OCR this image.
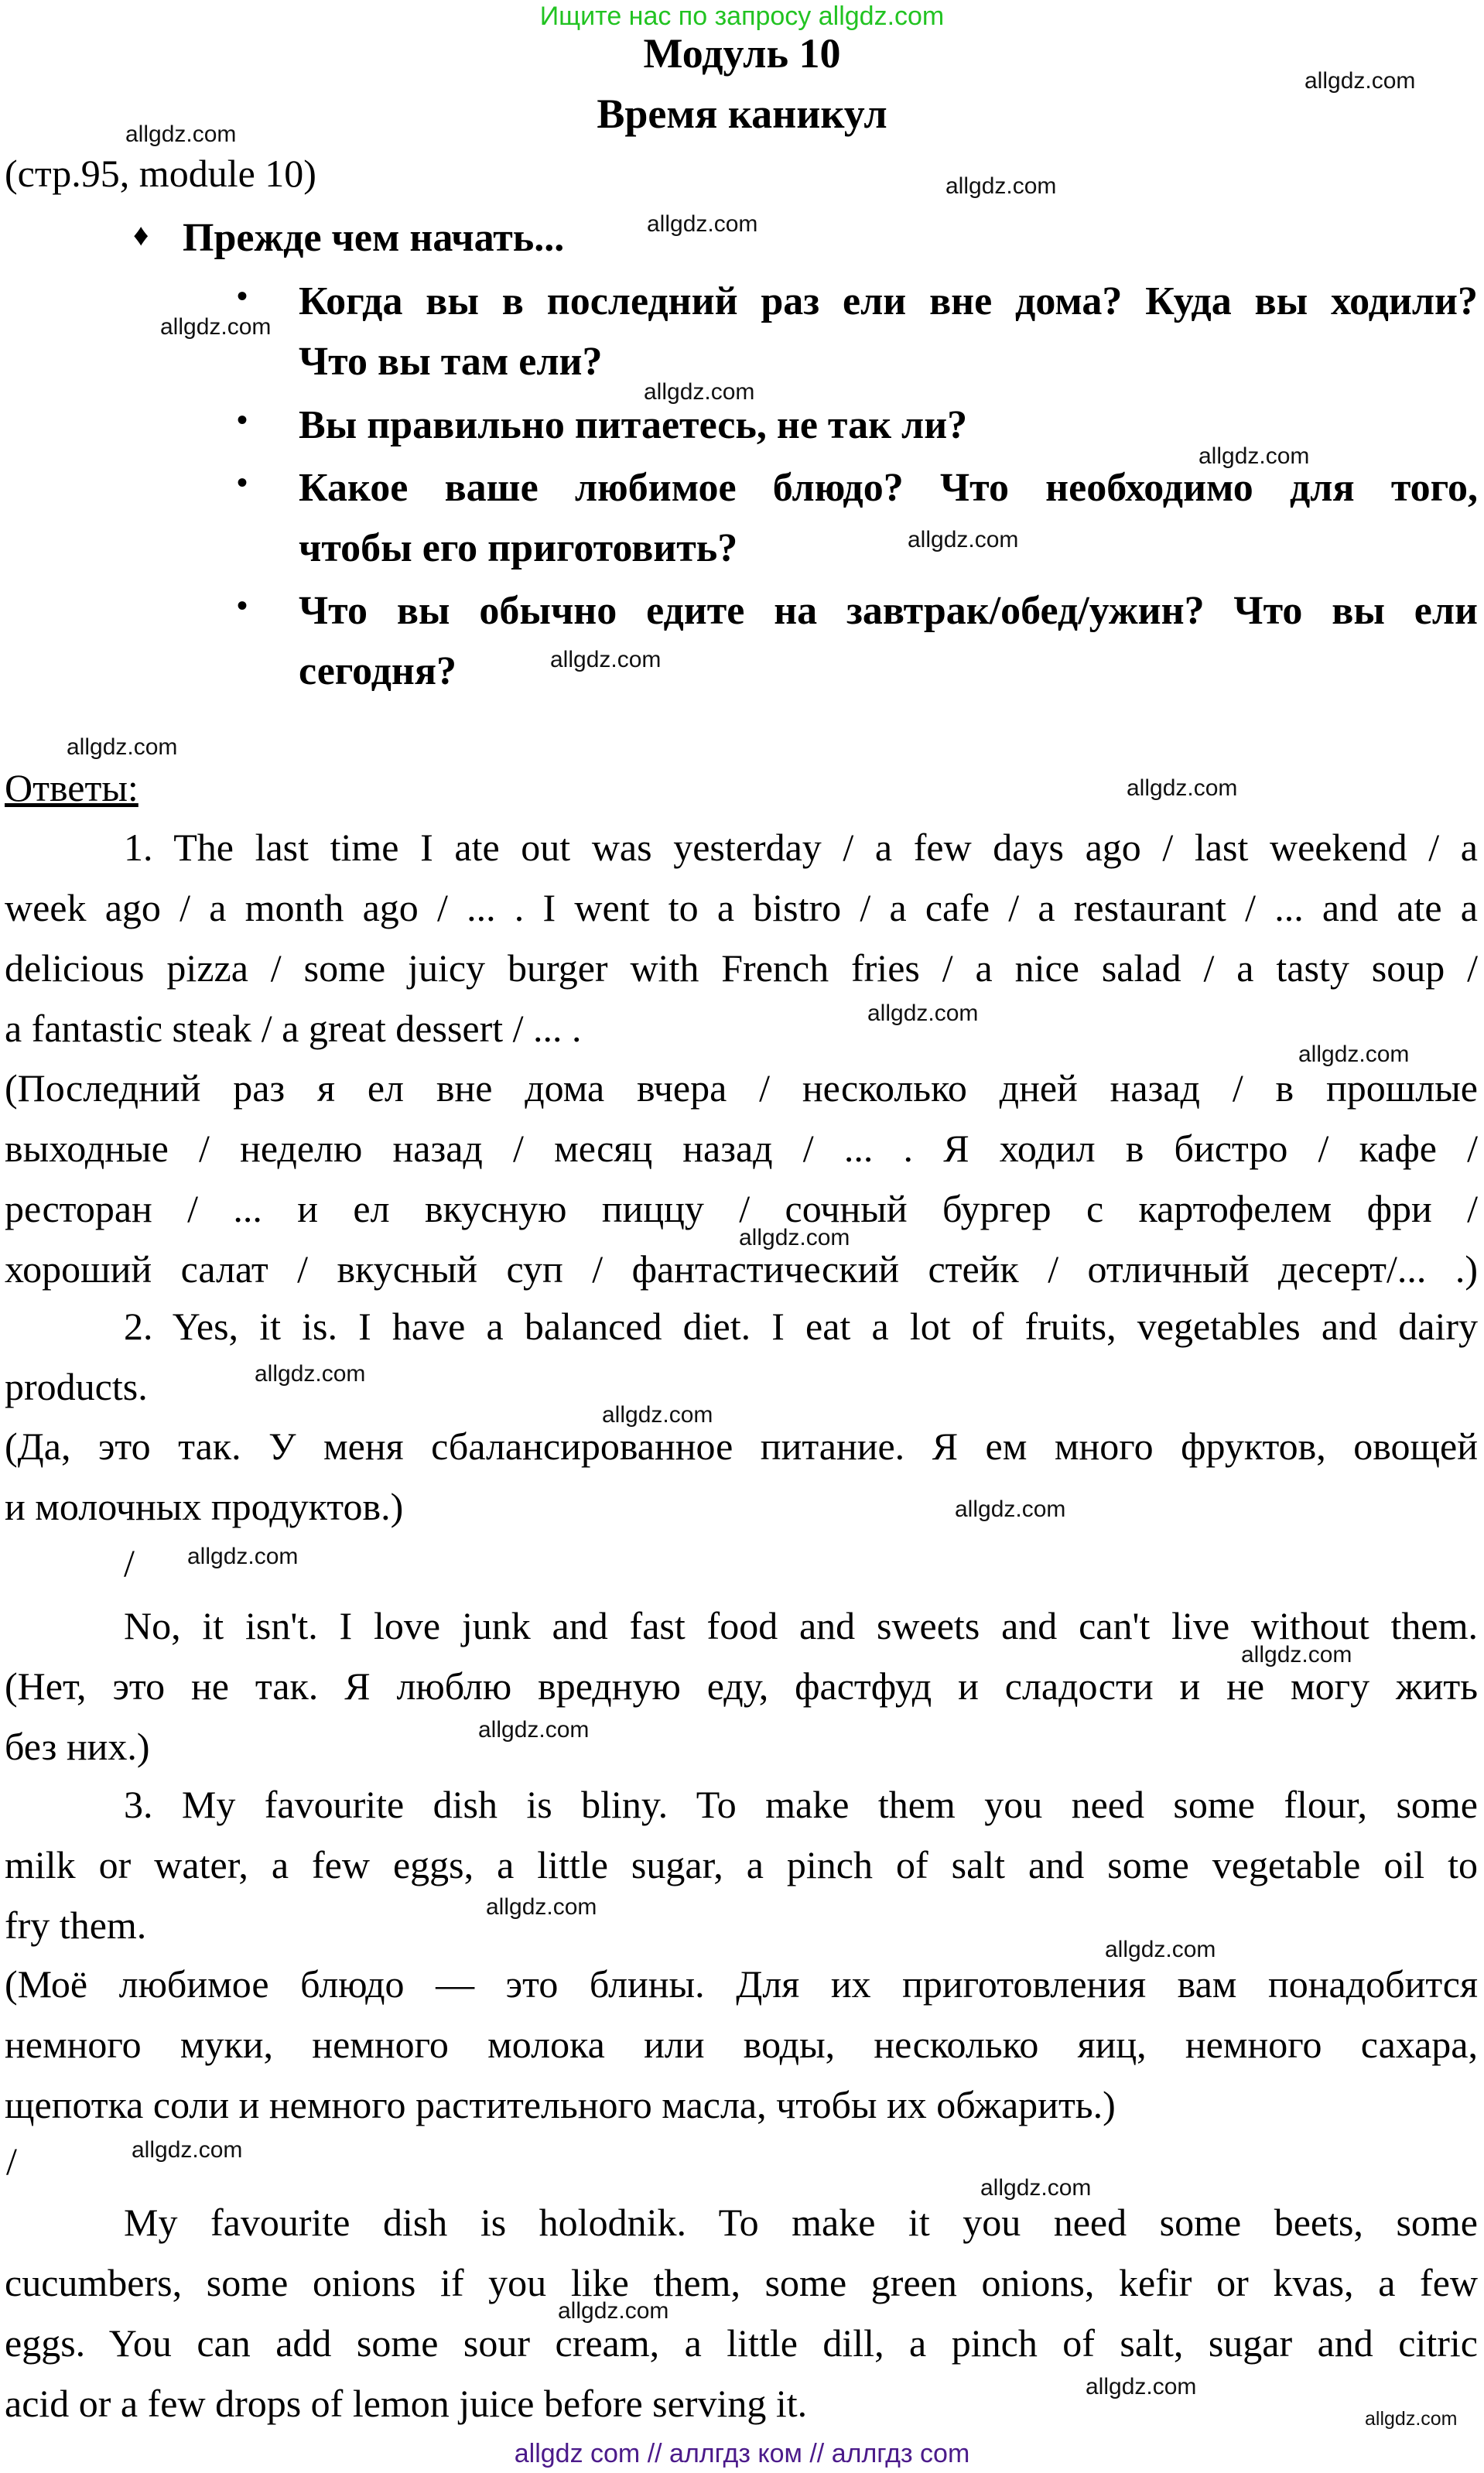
Ищите нас по запросу allgdz.com
Модуль 10
Время каникул
(стр.95, module 10)
♦ Прежде чем начать...
• Когда вы в последний раз ели вне дома? Куда вы ходили?
Что вы там ели?
• Вы правильно питаетесь, не так ли?
• Какое ваше любимое блюдо? Что необходимо для того,
чтобы его приготовить?
• Что вы обычно едите на завтрак/обед/ужин? Что вы ели
сегодня?
Ответы:
1. The last time I ate out was yesterday / a few days ago / last weekend / a
week ago / a month ago / ... . I went to a bistro / a cafe / a restaurant / ... and ate a
delicious pizza / some juicy burger with French fries / a nice salad / a tasty soup /
a fantastic steak / a great dessert / ... .
(Последний раз я ел вне дома вчера / несколько дней назад / в прошлые
выходные / неделю назад / месяц назад / ... . Я ходил в бистро / кафе /
ресторан / ... и ел вкусную пиццу / сочный бургер с картофелем фри /
хороший салат / вкусный суп / фантастический стейк / отличный десерт/... .)
2. Yes, it is. I have a balanced diet. I eat a lot of fruits, vegetables and dairy
products.
(Да, это так. У меня сбалансированное питание. Я ем много фруктов, овощей
и молочных продуктов.)
/
No, it isn't. I love junk and fast food and sweets and can't live without them.
(Нет, это не так. Я люблю вредную еду, фастфуд и сладости и не могу жить
без них.)
3. My favourite dish is bliny. To make them you need some flour, some
milk or water, a few eggs, a little sugar, a pinch of salt and some vegetable oil to
fry them.
(Моё любимое блюдо — это блины. Для их приготовления вам понадобится
немного муки, немного молока или воды, несколько яиц, немного сахара,
щепотка соли и немного растительного масла, чтобы их обжарить.)
/
My favourite dish is holodnik. To make it you need some beets, some
cucumbers, some onions if you like them, some green onions, kefir or kvas, a few
eggs. You can add some sour cream, a little dill, a pinch of salt, sugar and citric
acid or a few drops of lemon juice before serving it.
allgdz.com
allgdz.com
allgdz.com
allgdz.com
allgdz.com
allgdz.com
allgdz.com
allgdz.com
allgdz.com
allgdz.com
allgdz.com
allgdz.com
allgdz.com
allgdz.com
allgdz.com
allgdz.com
allgdz.com
allgdz.com
allgdz.com
allgdz.com
allgdz.com
allgdz.com
allgdz.com
allgdz.com
allgdz.com
allgdz.com
allgdz.com
allgdz com // аллгдз ком // аллгдз com
